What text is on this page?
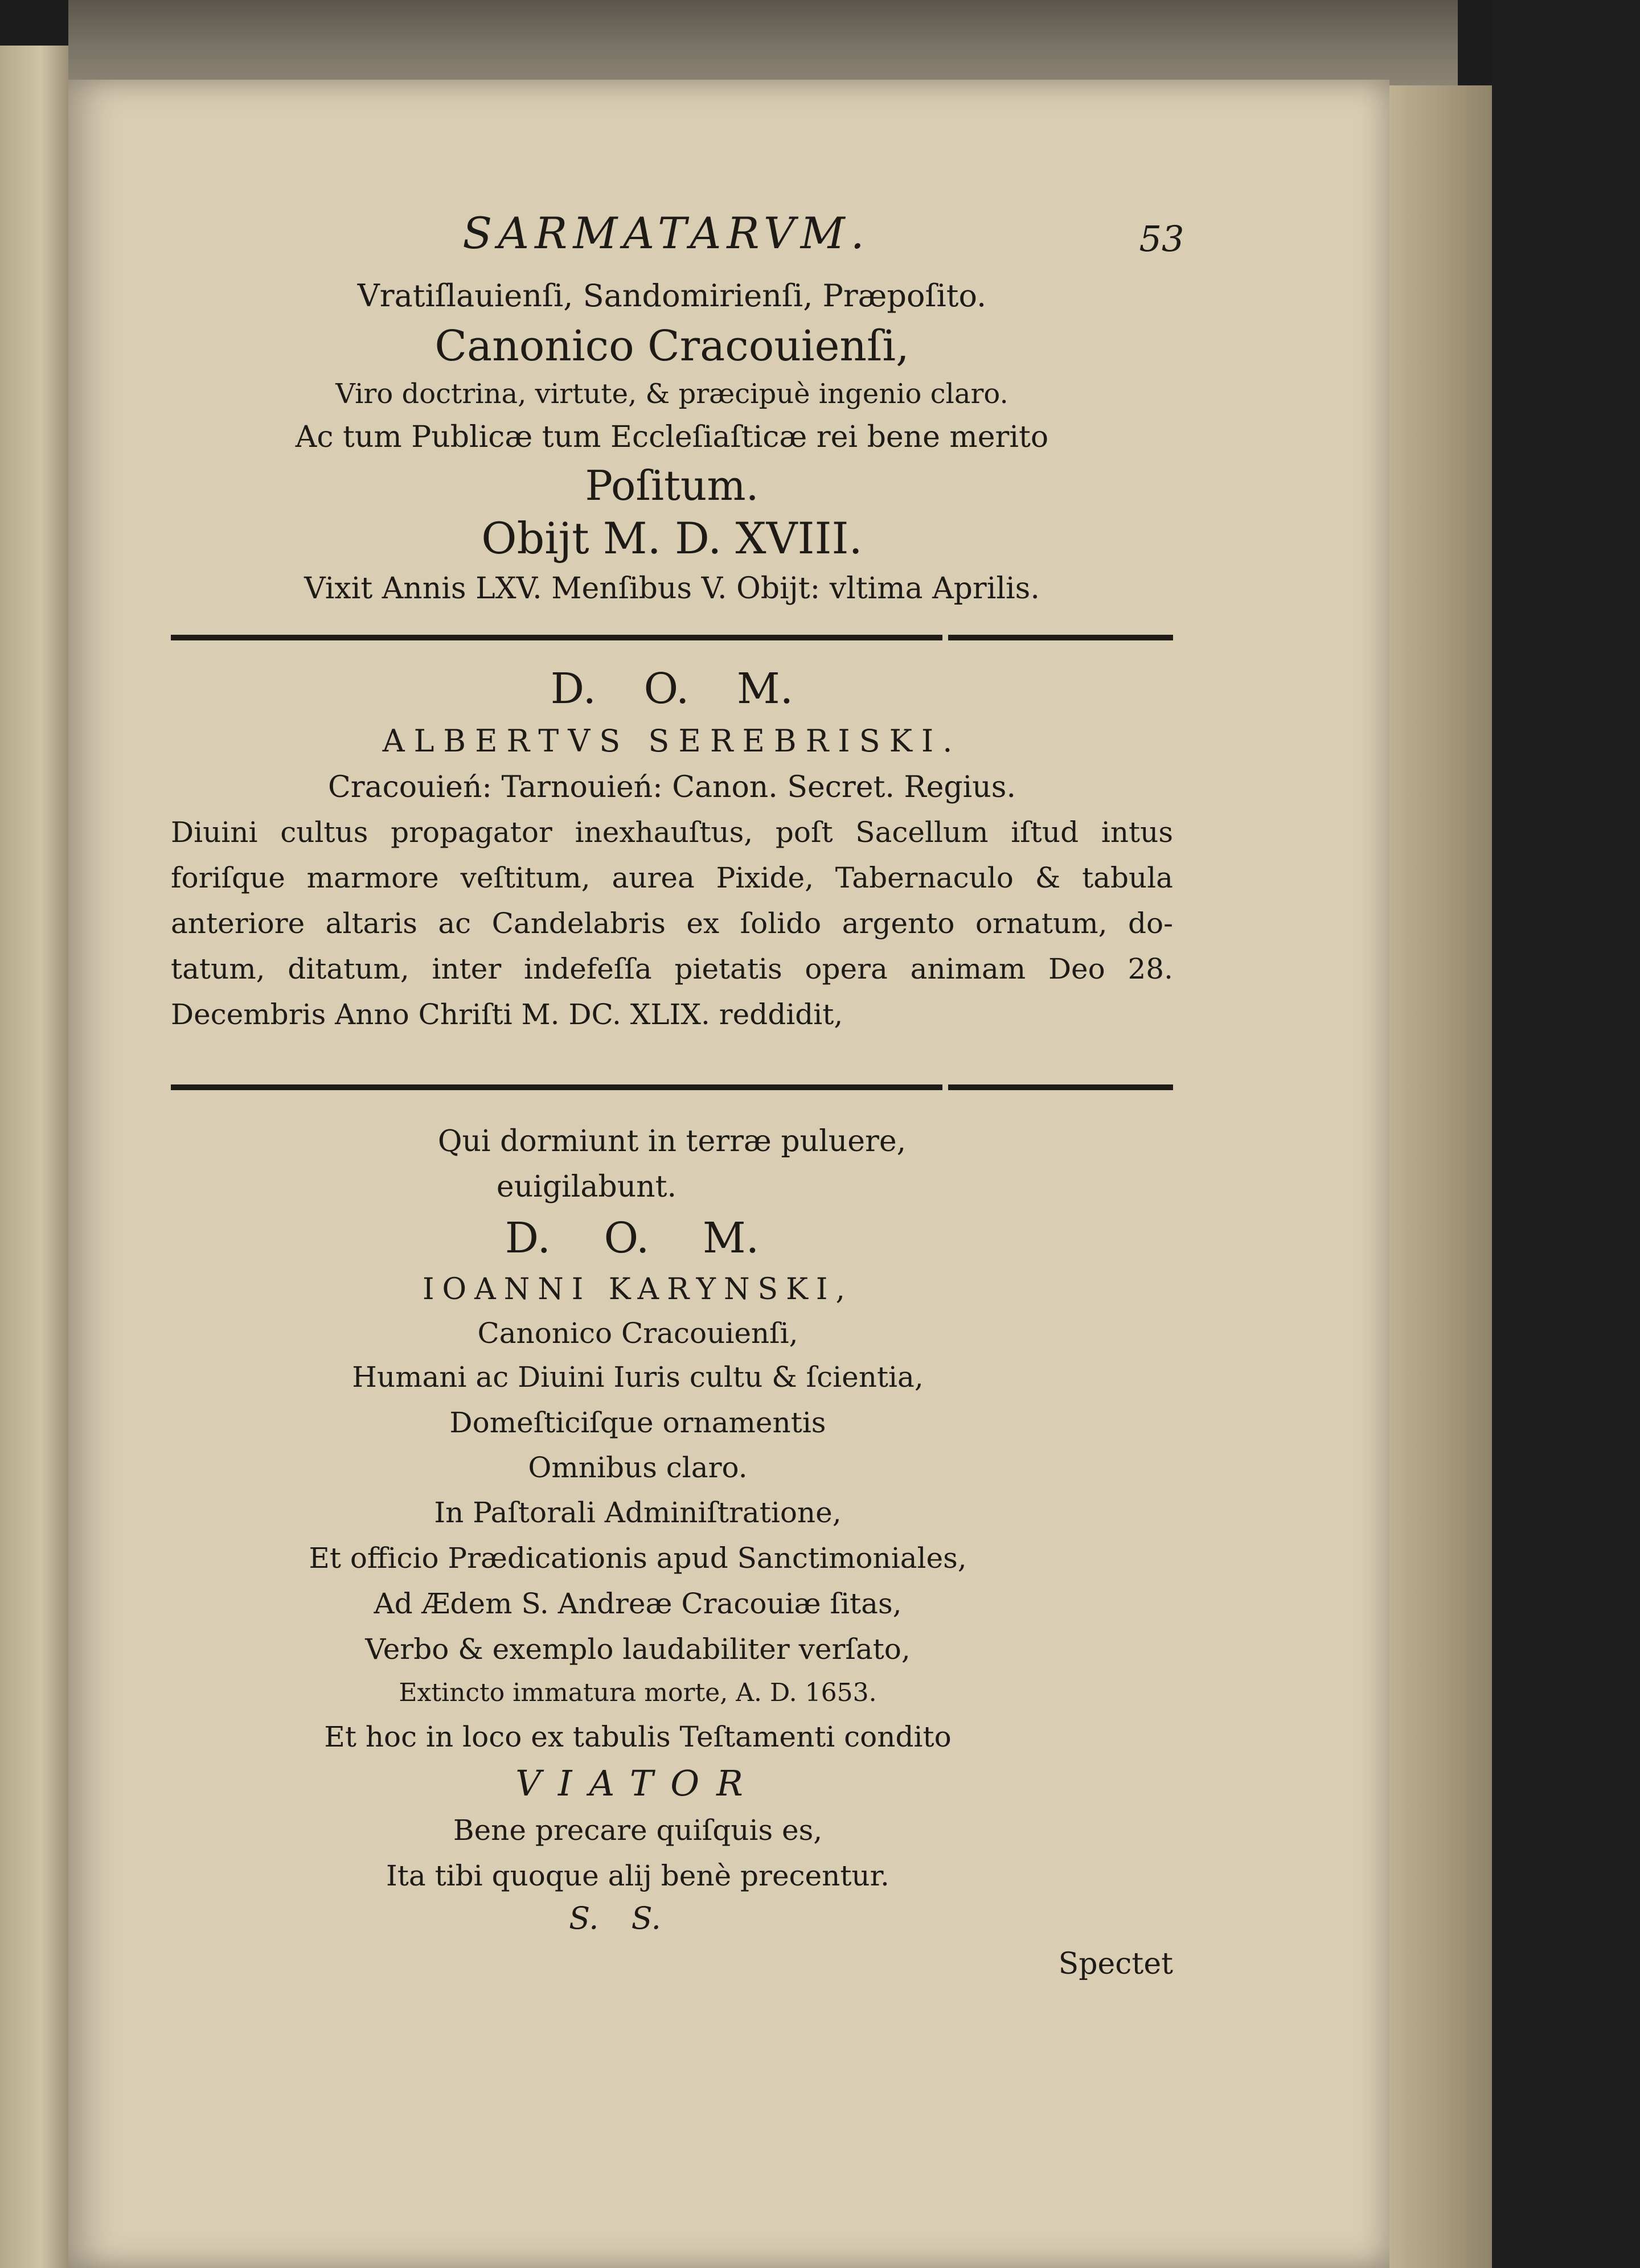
SARMATARVM.	53
Vratiſlauienſi, Sandomirienſi, Præpoſito.
Canonico Cracouienſi,
Viro doctrina, virtute, & præcipuè ingenio claro.
Ac tum Publicæ tum Eccleſiaſticæ rei bene merito
Poſitum.
Obijt M. D. XVIII.
Vixit Annis LXV. Menſibus V. Obijt: vltima Aprilis.
D. O. M.
ALBERTVS SEREBRISKI.
Cracouień: Tarnouień: Canon. Secret. Regius.
Diuini cultus propagator inexhauſtus, poſt Sacellum iſtud intus
foriſque marmore veſtitum, aurea Pixide, Tabernaculo & tabula
anteriore altaris ac Candelabris ex ſolido argento ornatum, do-
tatum, ditatum, inter indefeſſa pietatis opera animam Deo 28.
Decembris Anno Chriſti M. DC. XLIX. reddidit,
Qui dormiunt in terræ puluere,
euigilabunt.
D. O. M.
IOANNI KARYNSKI,
Canonico Cracouienſi,
Humani ac Diuini Iuris cultu & ſcientia,
Domeſticiſque ornamentis
Omnibus claro.
In Paſtorali Adminiſtratione,
Et officio Prædicationis apud Sanctimoniales,
Ad Ædem S. Andreæ Cracouiæ ſitas,
Verbo & exemplo laudabiliter verſato,
Extincto immatura morte, A. D. 1653.
Et hoc in loco ex tabulis Teſtamenti condito
VIATOR
Bene precare quiſquis es,
Ita tibi quoque alij benè precentur.
S. S.
Spectet
